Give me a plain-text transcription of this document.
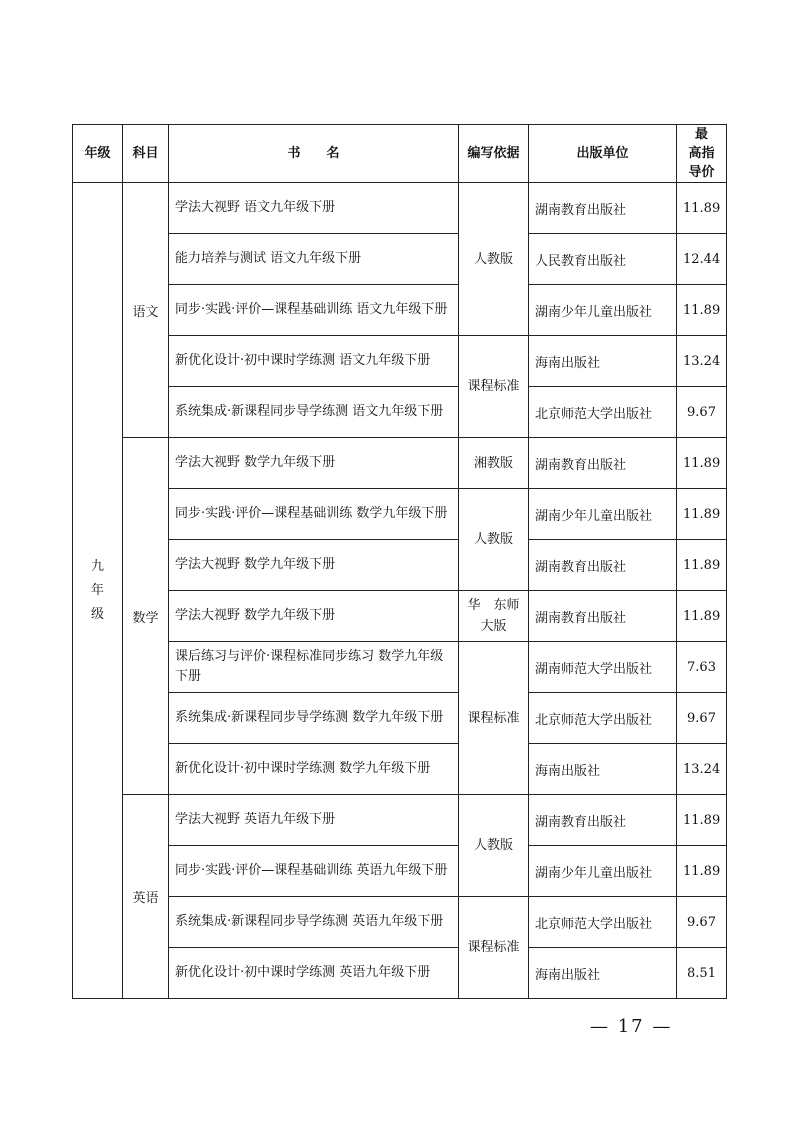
年级	科目	书　　名	编写依据	出版单位	最　高指导价

九年级	语文	学法大视野 语文九年级下册	人教版	湖南教育出版社	11.89
		能力培养与测试 语文九年级下册		人民教育出版社	12.44
		同步·实践·评价—课程基础训练 语文九年级下册		湖南少年儿童出版社	11.89
		新优化设计·初中课时学练测 语文九年级下册	课程标准	海南出版社	13.24
		系统集成·新课程同步导学练测 语文九年级下册		北京师范大学出版社	9.67
	数学	学法大视野 数学九年级下册	湘教版	湖南教育出版社	11.89
		同步·实践·评价—课程基础训练 数学九年级下册	人教版	湖南少年儿童出版社	11.89
		学法大视野 数学九年级下册		湖南教育出版社	11.89
		学法大视野 数学九年级下册	华　东师大版	湖南教育出版社	11.89
		课后练习与评价·课程标准同步练习 数学九年级下册	课程标准	湖南师范大学出版社	7.63
		系统集成·新课程同步导学练测 数学九年级下册		北京师范大学出版社	9.67
		新优化设计·初中课时学练测 数学九年级下册		海南出版社	13.24
	英语	学法大视野 英语九年级下册	人教版	湖南教育出版社	11.89
		同步·实践·评价—课程基础训练 英语九年级下册		湖南少年儿童出版社	11.89
		系统集成·新课程同步导学练测 英语九年级下册	课程标准	北京师范大学出版社	9.67
		新优化设计·初中课时学练测 英语九年级下册		海南出版社	8.51
— 17 —
